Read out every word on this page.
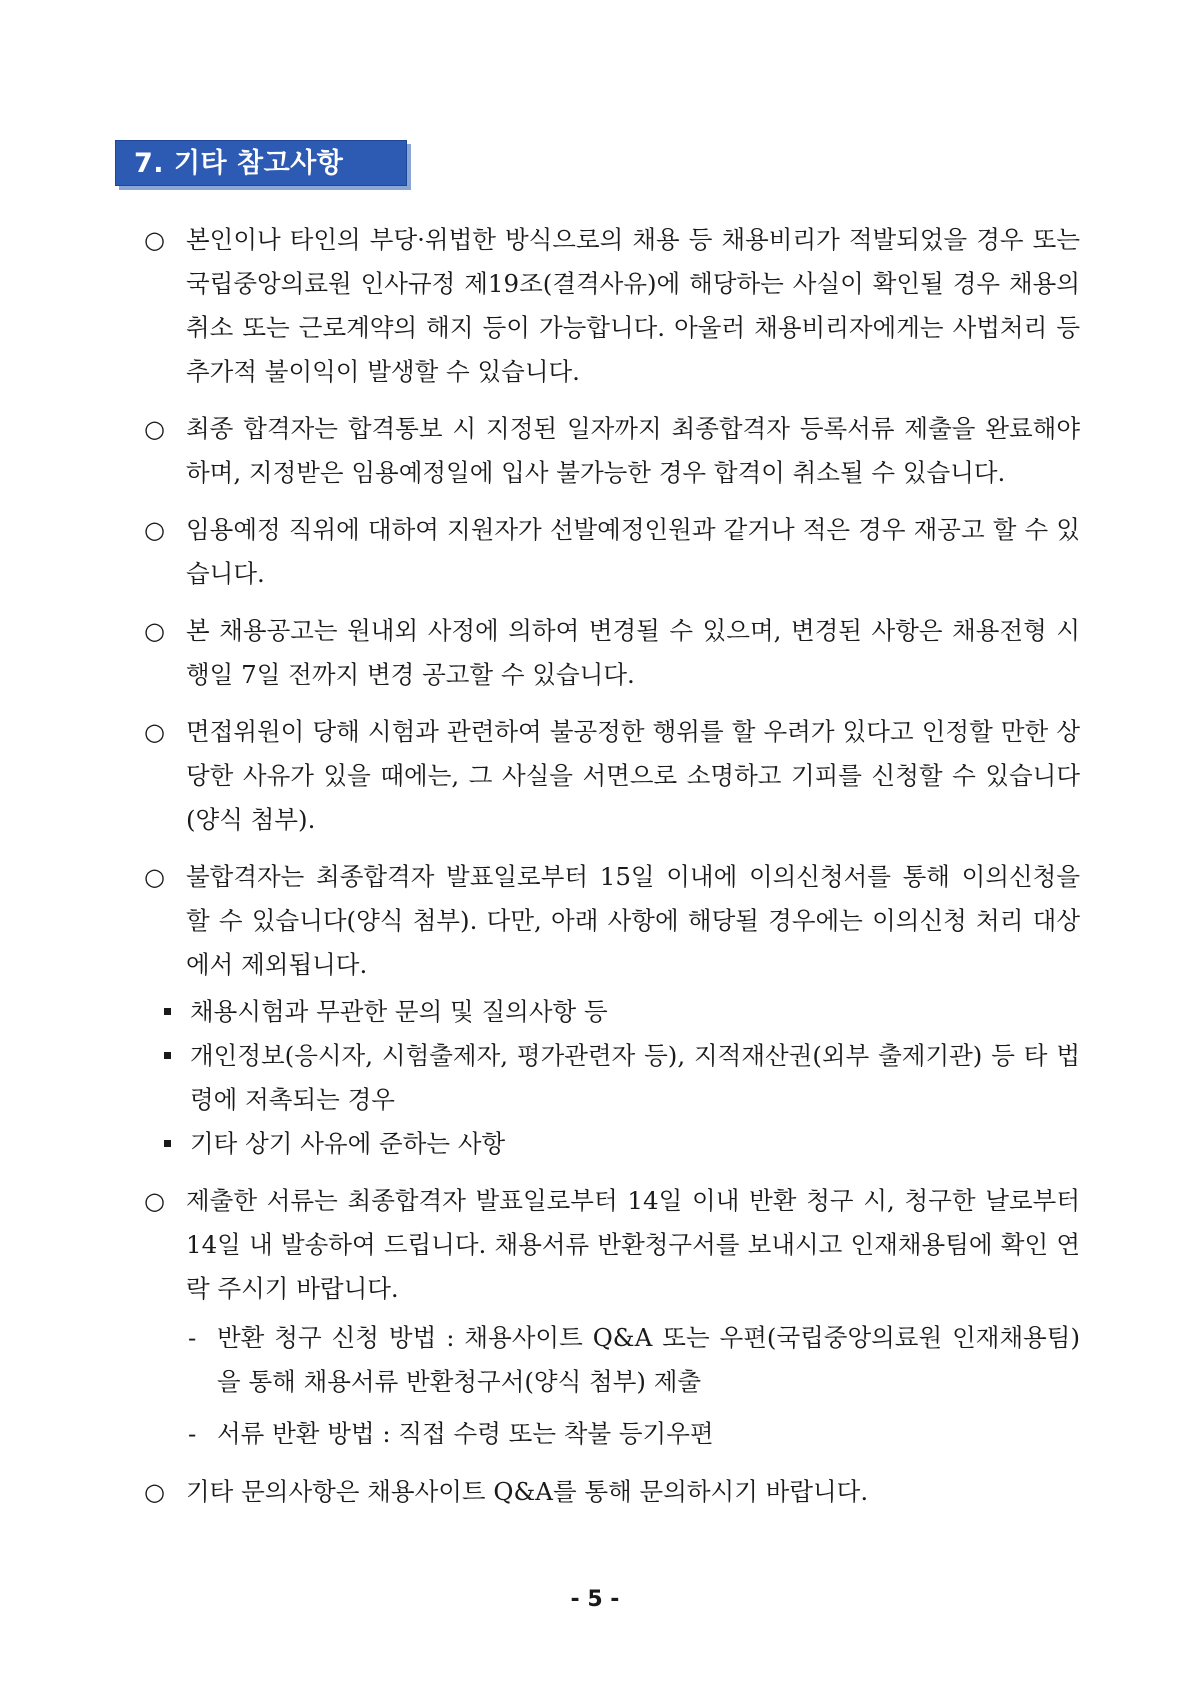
7. 기타 참고사항
○ 본인이나 타인의 부당·위법한 방식으로의 채용 등 채용비리가 적발되었을 경우 또는 국립중앙의료원 인사규정 제19조(결격사유)에 해당하는 사실이 확인될 경우 채용의 취소 또는 근로계약의 해지 등이 가능합니다. 아울러 채용비리자에게는 사법처리 등 추가적 불이익이 발생할 수 있습니다.
○ 최종 합격자는 합격통보 시 지정된 일자까지 최종합격자 등록서류 제출을 완료해야하며, 지정받은 임용예정일에 입사 불가능한 경우 합격이 취소될 수 있습니다.
○ 임용예정 직위에 대하여 지원자가 선발예정인원과 같거나 적은 경우 재공고 할 수 있습니다.
○ 본 채용공고는 원내외 사정에 의하여 변경될 수 있으며, 변경된 사항은 채용전형 시행일 7일 전까지 변경 공고할 수 있습니다.
○ 면접위원이 당해 시험과 관련하여 불공정한 행위를 할 우려가 있다고 인정할 만한 상당한 사유가 있을 때에는, 그 사실을 서면으로 소명하고 기피를 신청할 수 있습니다(양식 첨부).
○ 불합격자는 최종합격자 발표일로부터 15일 이내에 이의신청서를 통해 이의신청을 할 수 있습니다(양식 첨부). 다만, 아래 사항에 해당될 경우에는 이의신청 처리 대상에서 제외됩니다.
채용시험과 무관한 문의 및 질의사항 등
개인정보(응시자, 시험출제자, 평가관련자 등), 지적재산권(외부 출제기관) 등 타 법령에 저촉되는 경우
기타 상기 사유에 준하는 사항
○ 제출한 서류는 최종합격자 발표일로부터 14일 이내 반환 청구 시, 청구한 날로부터 14일 내 발송하여 드립니다. 채용서류 반환청구서를 보내시고 인재채용팀에 확인 연락 주시기 바랍니다.
- 반환 청구 신청 방법 : 채용사이트 Q&A 또는 우편(국립중앙의료원 인재채용팀)을 통해 채용서류 반환청구서(양식 첨부) 제출
- 서류 반환 방법 : 직접 수령 또는 착불 등기우편
○ 기타 문의사항은 채용사이트 Q&A를 통해 문의하시기 바랍니다.
- 5 -
